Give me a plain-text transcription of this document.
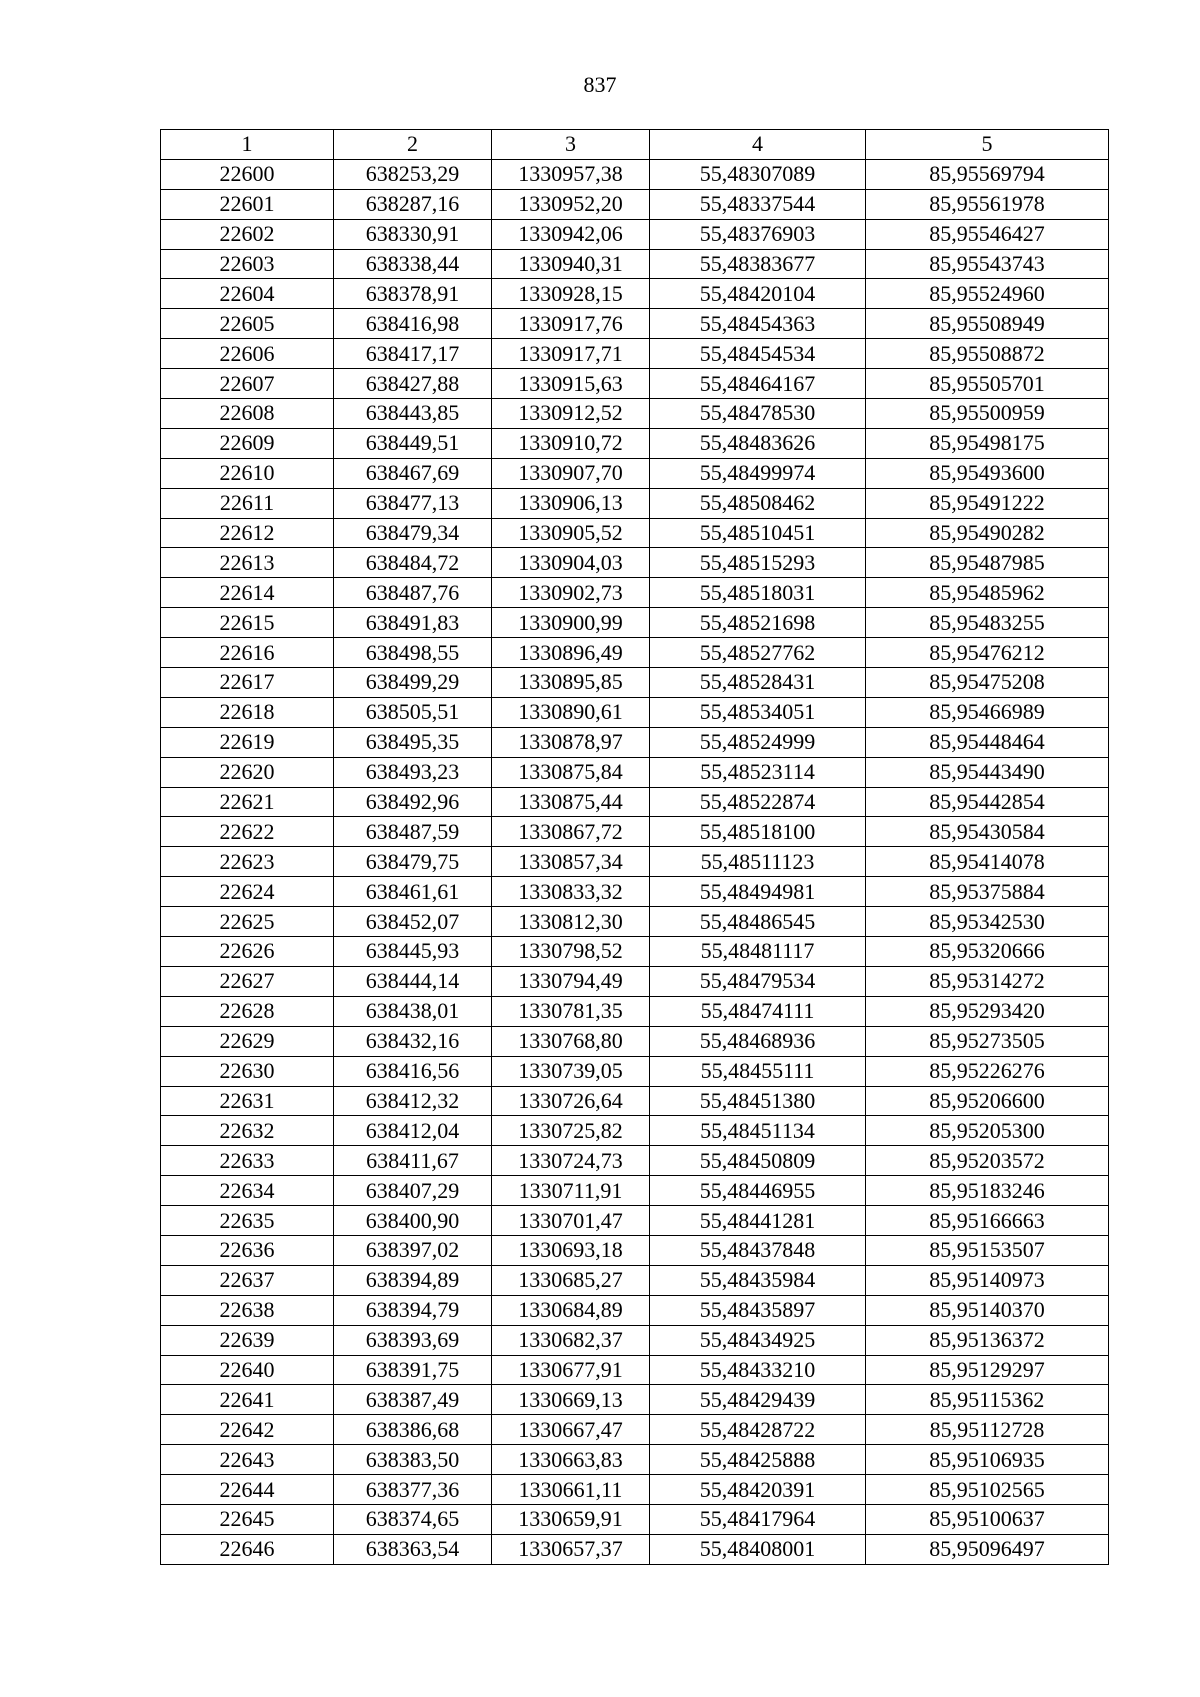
837
1	2	3	4	5
22600	638253,29	1330957,38	55,48307089	85,95569794
22601	638287,16	1330952,20	55,48337544	85,95561978
22602	638330,91	1330942,06	55,48376903	85,95546427
22603	638338,44	1330940,31	55,48383677	85,95543743
22604	638378,91	1330928,15	55,48420104	85,95524960
22605	638416,98	1330917,76	55,48454363	85,95508949
22606	638417,17	1330917,71	55,48454534	85,95508872
22607	638427,88	1330915,63	55,48464167	85,95505701
22608	638443,85	1330912,52	55,48478530	85,95500959
22609	638449,51	1330910,72	55,48483626	85,95498175
22610	638467,69	1330907,70	55,48499974	85,95493600
22611	638477,13	1330906,13	55,48508462	85,95491222
22612	638479,34	1330905,52	55,48510451	85,95490282
22613	638484,72	1330904,03	55,48515293	85,95487985
22614	638487,76	1330902,73	55,48518031	85,95485962
22615	638491,83	1330900,99	55,48521698	85,95483255
22616	638498,55	1330896,49	55,48527762	85,95476212
22617	638499,29	1330895,85	55,48528431	85,95475208
22618	638505,51	1330890,61	55,48534051	85,95466989
22619	638495,35	1330878,97	55,48524999	85,95448464
22620	638493,23	1330875,84	55,48523114	85,95443490
22621	638492,96	1330875,44	55,48522874	85,95442854
22622	638487,59	1330867,72	55,48518100	85,95430584
22623	638479,75	1330857,34	55,48511123	85,95414078
22624	638461,61	1330833,32	55,48494981	85,95375884
22625	638452,07	1330812,30	55,48486545	85,95342530
22626	638445,93	1330798,52	55,48481117	85,95320666
22627	638444,14	1330794,49	55,48479534	85,95314272
22628	638438,01	1330781,35	55,48474111	85,95293420
22629	638432,16	1330768,80	55,48468936	85,95273505
22630	638416,56	1330739,05	55,48455111	85,95226276
22631	638412,32	1330726,64	55,48451380	85,95206600
22632	638412,04	1330725,82	55,48451134	85,95205300
22633	638411,67	1330724,73	55,48450809	85,95203572
22634	638407,29	1330711,91	55,48446955	85,95183246
22635	638400,90	1330701,47	55,48441281	85,95166663
22636	638397,02	1330693,18	55,48437848	85,95153507
22637	638394,89	1330685,27	55,48435984	85,95140973
22638	638394,79	1330684,89	55,48435897	85,95140370
22639	638393,69	1330682,37	55,48434925	85,95136372
22640	638391,75	1330677,91	55,48433210	85,95129297
22641	638387,49	1330669,13	55,48429439	85,95115362
22642	638386,68	1330667,47	55,48428722	85,95112728
22643	638383,50	1330663,83	55,48425888	85,95106935
22644	638377,36	1330661,11	55,48420391	85,95102565
22645	638374,65	1330659,91	55,48417964	85,95100637
22646	638363,54	1330657,37	55,48408001	85,95096497
